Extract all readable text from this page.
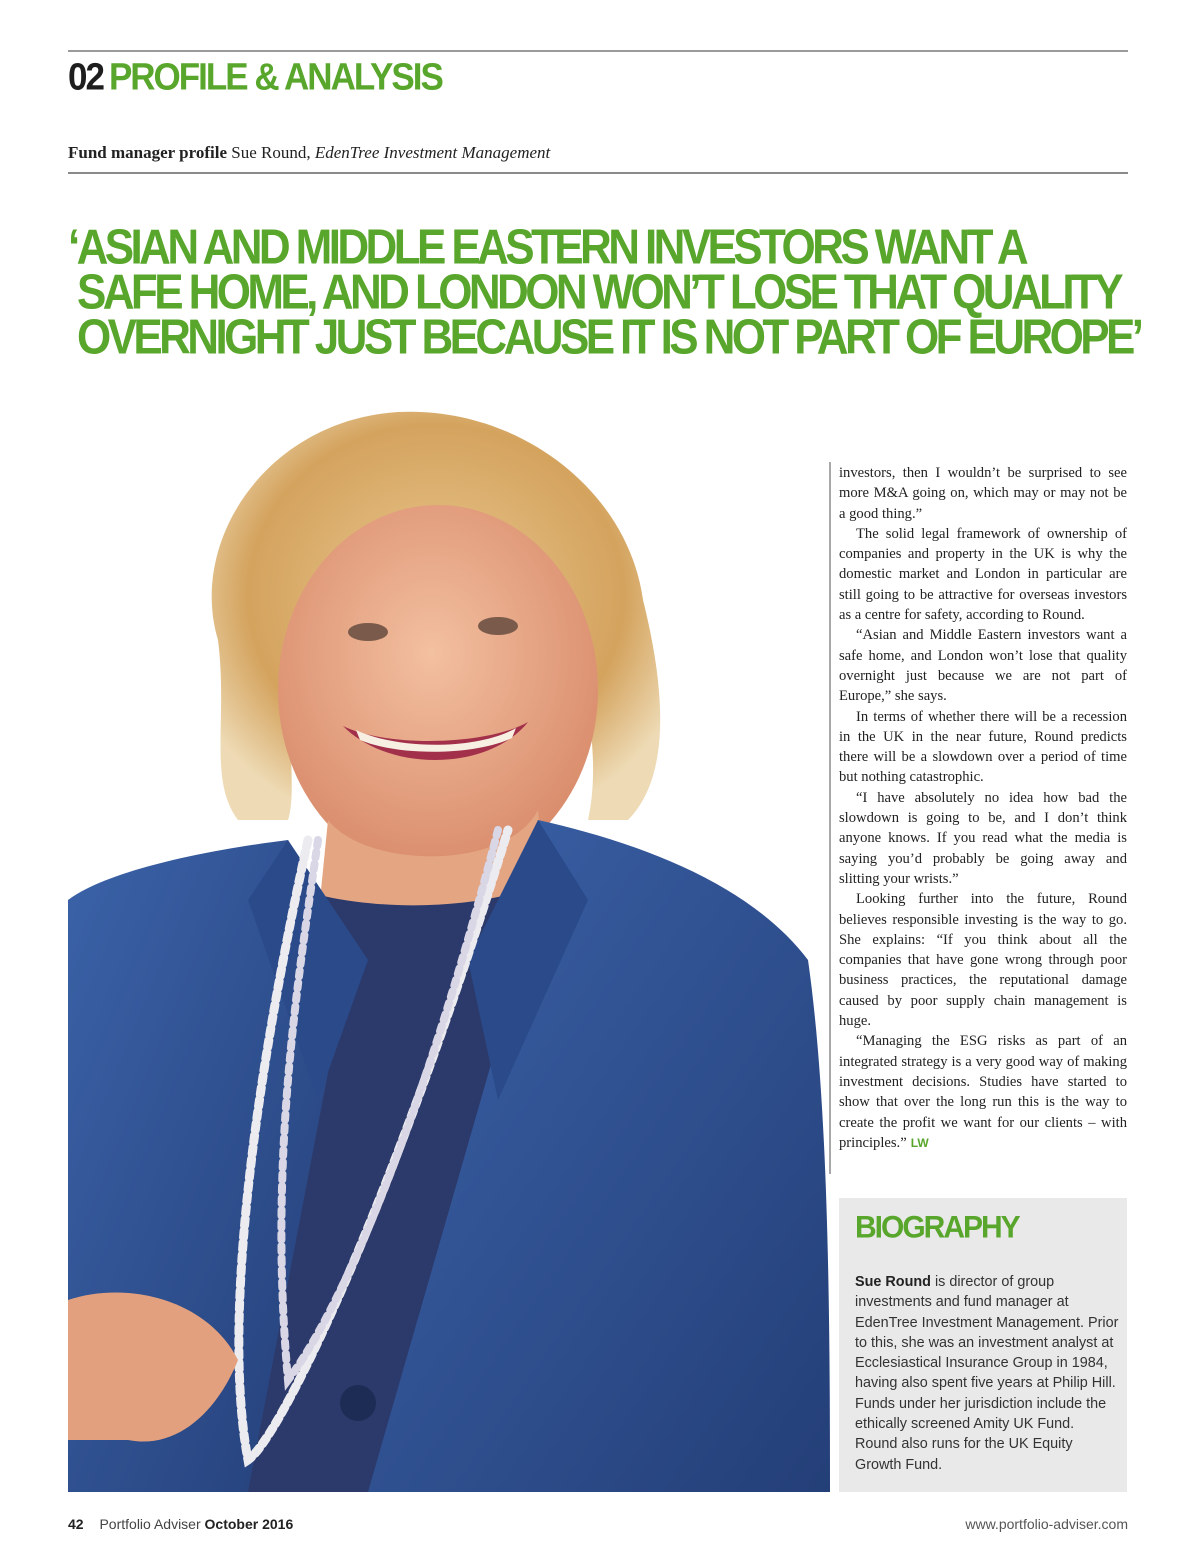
02 PROFILE & ANALYSIS
Fund manager profile Sue Round, EdenTree Investment Management
‘ASIAN AND MIDDLE EASTERN INVESTORS WANT A
SAFE HOME, AND LONDON WON’T LOSE THAT QUALITY
OVERNIGHT JUST BECAUSE IT IS NOT PART OF EUROPE’

investors, then I wouldn’t be surprised to see more M&A going on, which may or may not be a good thing.”

The solid legal framework of ownership of companies and property in the UK is why the domestic market and London in particular are still going to be attractive for overseas investors as a centre for safety, according to Round.

“Asian and Middle Eastern investors want a safe home, and London won’t lose that quality overnight just because we are not part of Europe,” she says.

In terms of whether there will be a recession in the UK in the near future, Round predicts there will be a slowdown over a period of time but nothing catastrophic.

“I have absolutely no idea how bad the slowdown is going to be, and I don’t think anyone knows. If you read what the media is saying you’d probably be going away and slitting your wrists.”

Looking further into the future, Round believes responsible investing is the way to go. She explains: “If you think about all the companies that have gone wrong through poor business practices, the reputational damage caused by poor supply chain management is huge.

“Managing the ESG risks as part of an integrated strategy is a very good way of making investment decisions. Studies have started to show that over the long run this is the way to create the profit we want for our clients – with principles.” LW

BIOGRAPHY
Sue Round is director of group investments and fund manager at EdenTree Investment Management. Prior to this, she was an investment analyst at Ecclesiastical Insurance Group in 1984, having also spent five years at Philip Hill. Funds under her jurisdiction include the ethically screened Amity UK Fund. Round also runs for the UK Equity Growth Fund.
42 Portfolio Adviser October 2016	www.portfolio-adviser.com
